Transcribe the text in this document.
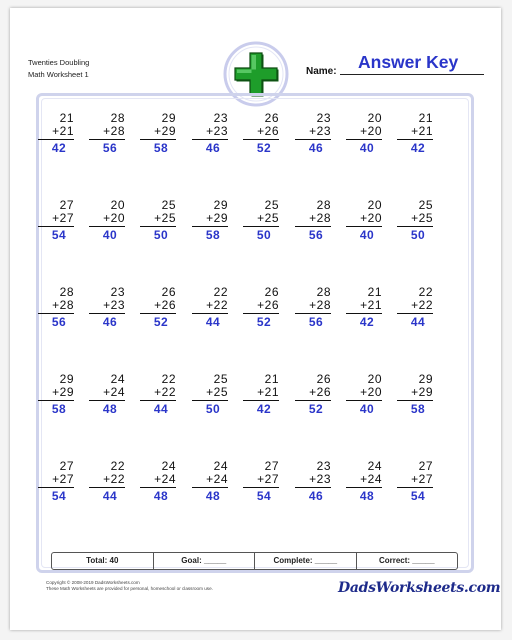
Twenties Doubling
Math Worksheet 1	Name: Answer Key
21
+21
42
28
+28
56
29
+29
58
23
+23
46
26
+26
52
23
+23
46
20
+20
40
21
+21
42
27
+27
54
20
+20
40
25
+25
50
29
+29
58
25
+25
50
28
+28
56
20
+20
40
25
+25
50
28
+28
56
23
+23
46
26
+26
52
22
+22
44
26
+26
52
28
+28
56
21
+21
42
22
+22
44
29
+29
58
24
+24
48
22
+22
44
25
+25
50
21
+21
42
26
+26
52
20
+20
40
29
+29
58
27
+27
54
22
+22
44
24
+24
48
24
+24
48
27
+27
54
23
+23
46
24
+24
48
27
+27
54
Total: 40	Goal: _____	Complete: _____	Correct: _____
Copyright © 2008-2019 DadsWorksheets.com
These Math Worksheets are provided for personal, homeschool or classroom use.	DadsWorksheets.com
